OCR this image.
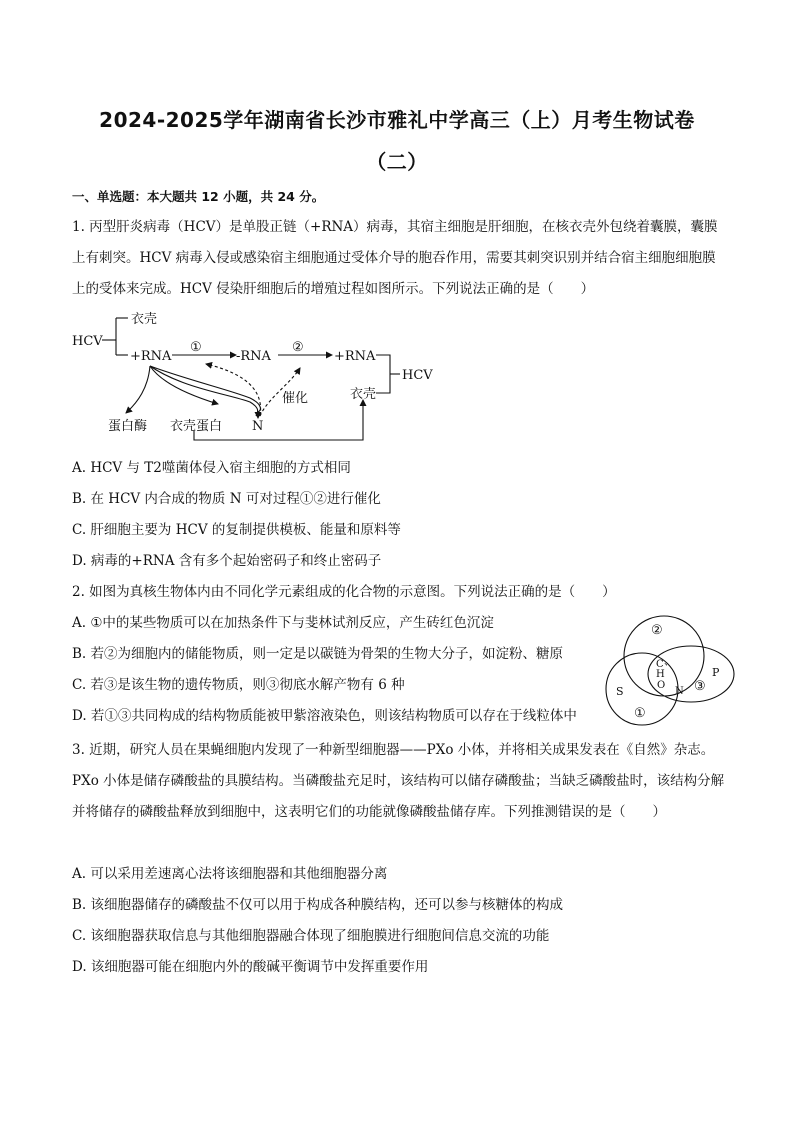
2024-2025学年湖南省长沙市雅礼中学高三（上）月考生物试卷
（二）
一、单选题：本大题共 12 小题，共 24 分。
1. 丙型肝炎病毒（HCV）是单股正链（+RNA）病毒，其宿主细胞是肝细胞，在核衣壳外包绕着囊膜，囊膜上有刺突。HCV 病毒入侵或感染宿主细胞通过受体介导的胞吞作用，需要其刺突识别并结合宿主细胞细胞膜上的受体来完成。HCV 侵染肝细胞后的增殖过程如图所示。下列说法正确的是（　　）
HCV
衣壳
+RNA
①
-RNA
②
+RNA
HCV
衣壳
催化
蛋白酶 衣壳蛋白 N
A. HCV 与 T2噬菌体侵入宿主细胞的方式相同
B. 在 HCV 内合成的物质 N 可对过程①②进行催化
C. 肝细胞主要为 HCV 的复制提供模板、能量和原料等
D. 病毒的+RNA 含有多个起始密码子和终止密码子
2. 如图为真核生物体内由不同化学元素组成的化合物的示意图。下列说法正确的是（　　）
A. ①中的某些物质可以在加热条件下与斐林试剂反应，产生砖红色沉淀
B. 若②为细胞内的储能物质，则一定是以碳链为骨架的生物大分子，如淀粉、糖原
C. 若③是该生物的遗传物质，则③彻底水解产物有 6 种
D. 若①③共同构成的结构物质能被甲紫溶液染色，则该结构物质可以存在于线粒体中
②
C 、
H
O
N ③
P
S
①
3. 近期，研究人员在果蝇细胞内发现了一种新型细胞器——PXo 小体，并将相关成果发表在《自然》杂志。PXo 小体是储存磷酸盐的具膜结构。当磷酸盐充足时，该结构可以储存磷酸盐；当缺乏磷酸盐时，该结构分解并将储存的磷酸盐释放到细胞中，这表明它们的功能就像磷酸盐储存库。下列推测错误的是（　　）
A. 可以采用差速离心法将该细胞器和其他细胞器分离
B. 该细胞器储存的磷酸盐不仅可以用于构成各种膜结构，还可以参与核糖体的构成
C. 该细胞器获取信息与其他细胞器融合体现了细胞膜进行细胞间信息交流的功能
D. 该细胞器可能在细胞内外的酸碱平衡调节中发挥重要作用
